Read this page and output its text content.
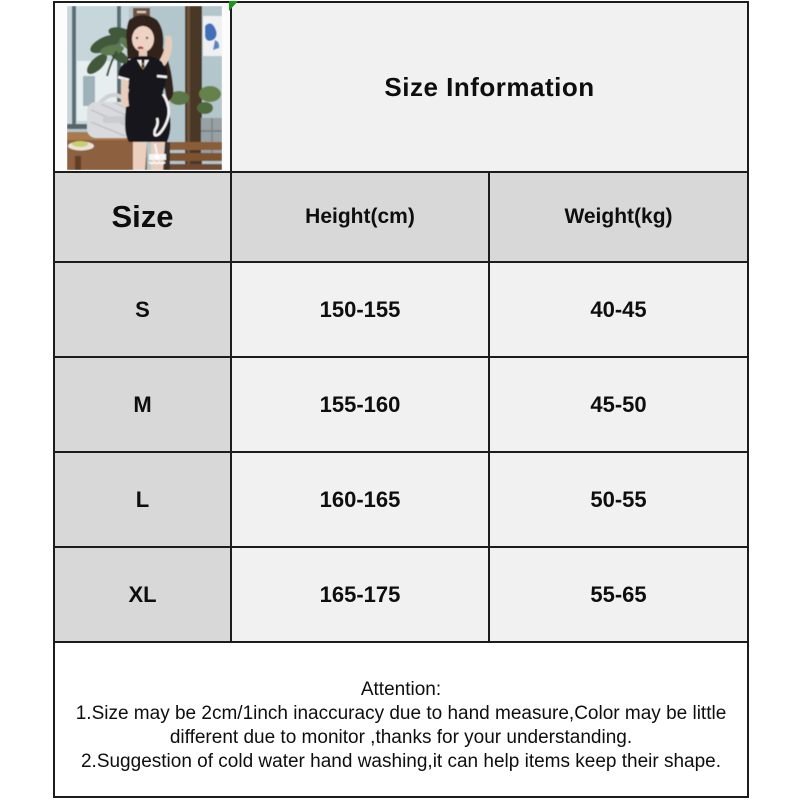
	Size Information	
Size	Height(cm)	Weight(kg)
S	150-155	40-45
M	155-160	45-50
L	160-165	50-55
XL	165-175	55-65

Attention:
1.Size may be 2cm/1inch inaccuracy due to hand measure,Color may be little
different due to monitor ,thanks for your understanding.
2.Suggestion of cold water hand washing,it can help items keep their shape.		
